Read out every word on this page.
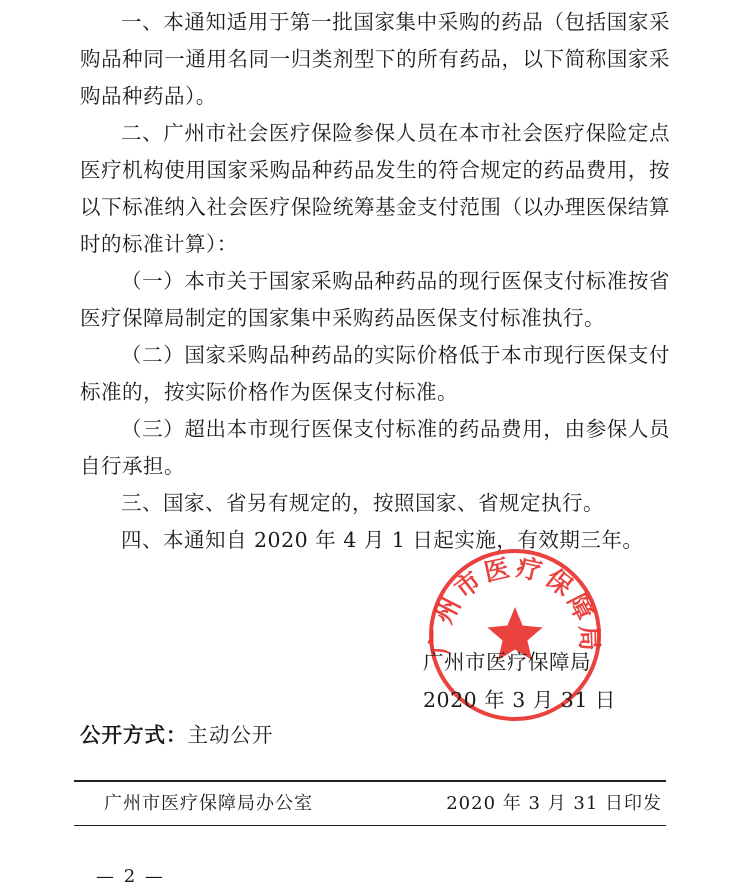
一、本通知适用于第一批国家集中采购的药品（包括国家采购品种同一通用名同一归类剂型下的所有药品，以下简称国家采购品种药品）。

二、广州市社会医疗保险参保人员在本市社会医疗保险定点医疗机构使用国家采购品种药品发生的符合规定的药品费用，按以下标准纳入社会医疗保险统筹基金支付范围（以办理医保结算时的标准计算）：

（一）本市关于国家采购品种药品的现行医保支付标准按省医疗保障局制定的国家集中采购药品医保支付标准执行。

（二）国家采购品种药品的实际价格低于本市现行医保支付标准的，按实际价格作为医保支付标准。

（三）超出本市现行医保支付标准的药品费用，由参保人员自行承担。

三、国家、省另有规定的，按照国家、省规定执行。

四、本通知自 2020 年 4 月 1 日起实施，有效期三年。

广州市医疗保障局
广州市医疗保障局
2020 年 3 月 31 日
公开方式：主动公开
广州市医疗保障局办公室	2020 年 3 月 31 日印发
— 2 —
